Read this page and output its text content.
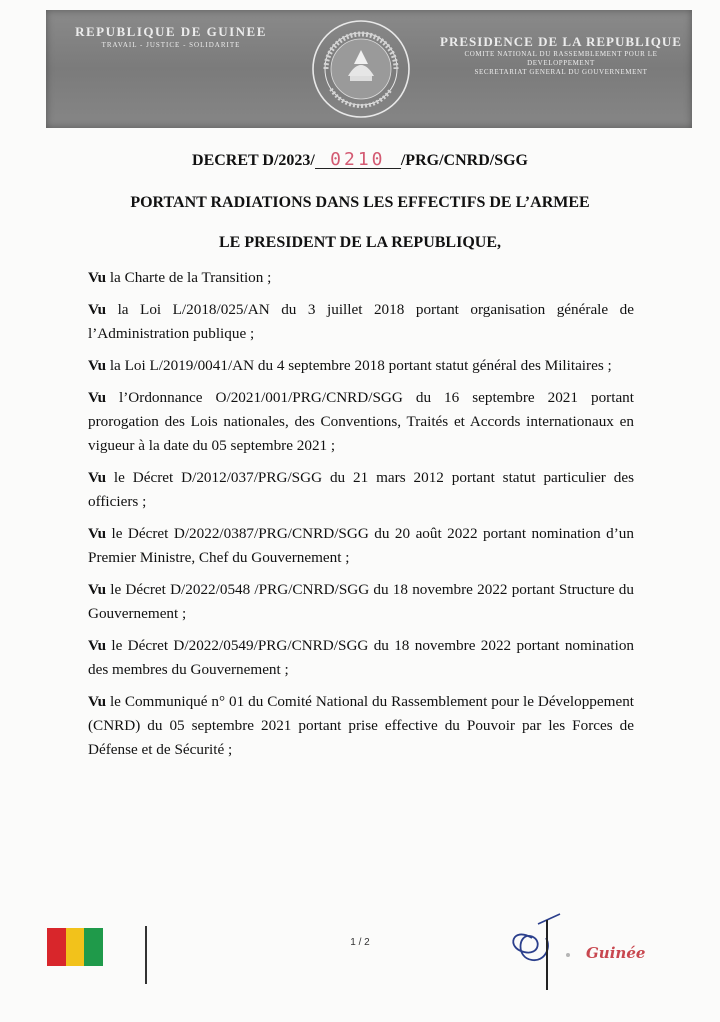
REPUBLIQUE DE GUINEE
TRAVAIL - JUSTICE - SOLIDARITE	PRESIDENCE DE LA REPUBLIQUE
COMITE NATIONAL DU RASSEMBLEMENT POUR LE
DEVELOPPEMENT
SECRETARIAT GENERAL DU GOUVERNEMENT
DECRET D/2023/ 0210 /PRG/CNRD/SGG
PORTANT RADIATIONS DANS LES EFFECTIFS DE L’ARMEE
LE PRESIDENT DE LA REPUBLIQUE,

Vu la Charte de la Transition ;

Vu la Loi L/2018/025/AN du 3 juillet 2018 portant organisation générale de l’Administration publique ;

Vu la Loi L/2019/0041/AN du 4 septembre 2018 portant statut général des Militaires ;

Vu l’Ordonnance O/2021/001/PRG/CNRD/SGG du 16 septembre 2021 portant prorogation des Lois nationales, des Conventions, Traités et Accords internationaux en vigueur à la date du 05 septembre 2021 ;

Vu le Décret D/2012/037/PRG/SGG du 21 mars 2012 portant statut particulier des officiers ;

Vu le Décret D/2022/0387/PRG/CNRD/SGG du 20 août 2022 portant nomination d’un Premier Ministre, Chef du Gouvernement ;

Vu le Décret D/2022/0548 /PRG/CNRD/SGG du 18 novembre 2022 portant Structure du Gouvernement ;

Vu le Décret D/2022/0549/PRG/CNRD/SGG du 18 novembre 2022 portant nomination des membres du Gouvernement ;

Vu le Communiqué n° 01 du Comité National du Rassemblement pour le Développement (CNRD) du 05 septembre 2021 portant prise effective du Pouvoir par les Forces de Défense et de Sécurité ;

1 / 2
Guinée
